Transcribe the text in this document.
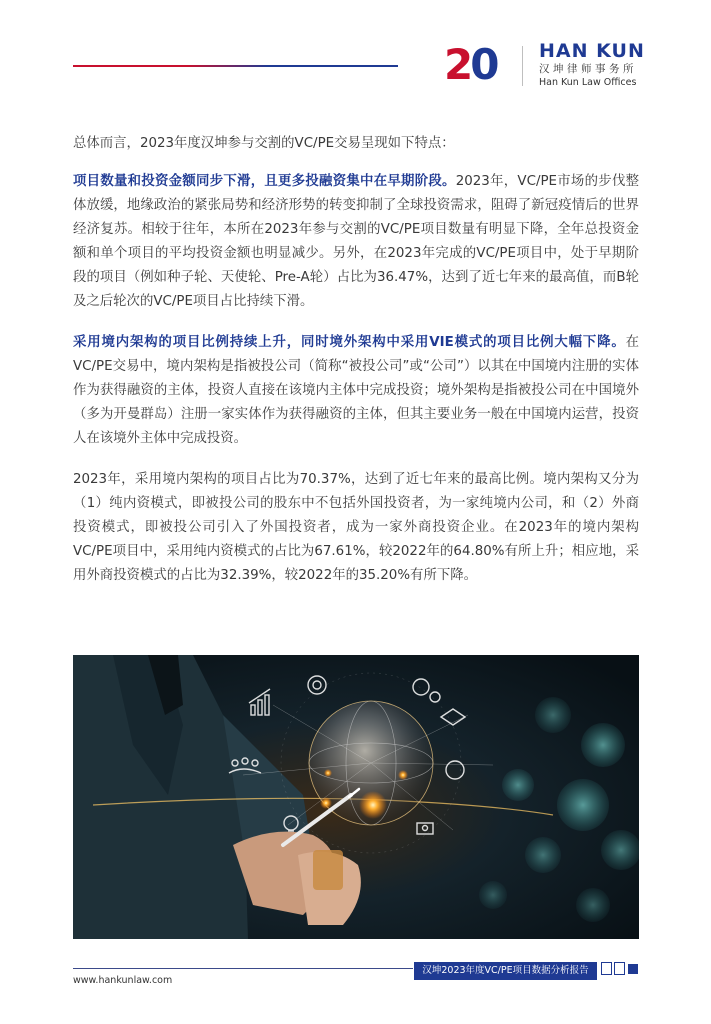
20 HAN KUN
汉坤律师事务所
Han Kun Law Offices

总体而言，2023年度汉坤参与交割的VC/PE交易呈现如下特点：

项目数量和投资金额同步下滑，且更多投融资集中在早期阶段。2023年，VC/PE市场的步伐整体放缓，地缘政治的紧张局势和经济形势的转变抑制了全球投资需求，阻碍了新冠疫情后的世界经济复苏。相较于往年，本所在2023年参与交割的VC/PE项目数量有明显下降，全年总投资金额和单个项目的平均投资金额也明显减少。另外，在2023年完成的VC/PE项目中，处于早期阶段的项目（例如种子轮、天使轮、Pre-A轮）占比为36.47%，达到了近七年来的最高值，而B轮及之后轮次的VC/PE项目占比持续下滑。

采用境内架构的项目比例持续上升，同时境外架构中采用VIE模式的项目比例大幅下降。在VC/PE交易中，境内架构是指被投公司（简称“被投公司”或“公司”）以其在中国境内注册的实体作为获得融资的主体，投资人直接在该境内主体中完成投资；境外架构是指被投公司在中国境外（多为开曼群岛）注册一家实体作为获得融资的主体，但其主要业务一般在中国境内运营，投资人在该境外主体中完成投资。

2023年，采用境内架构的项目占比为70.37%，达到了近七年来的最高比例。境内架构又分为（1）纯内资模式，即被投公司的股东中不包括外国投资者，为一家纯境内公司，和（2）外商投资模式，即被投公司引入了外国投资者，成为一家外商投资企业。在2023年的境内架构VC/PE项目中，采用纯内资模式的占比为67.61%，较2022年的64.80%有所上升；相应地，采用外商投资模式的占比为32.39%，较2022年的35.20%有所下降。

www.hankunlaw.com
汉坤2023年度VC/PE项目数据分析报告
